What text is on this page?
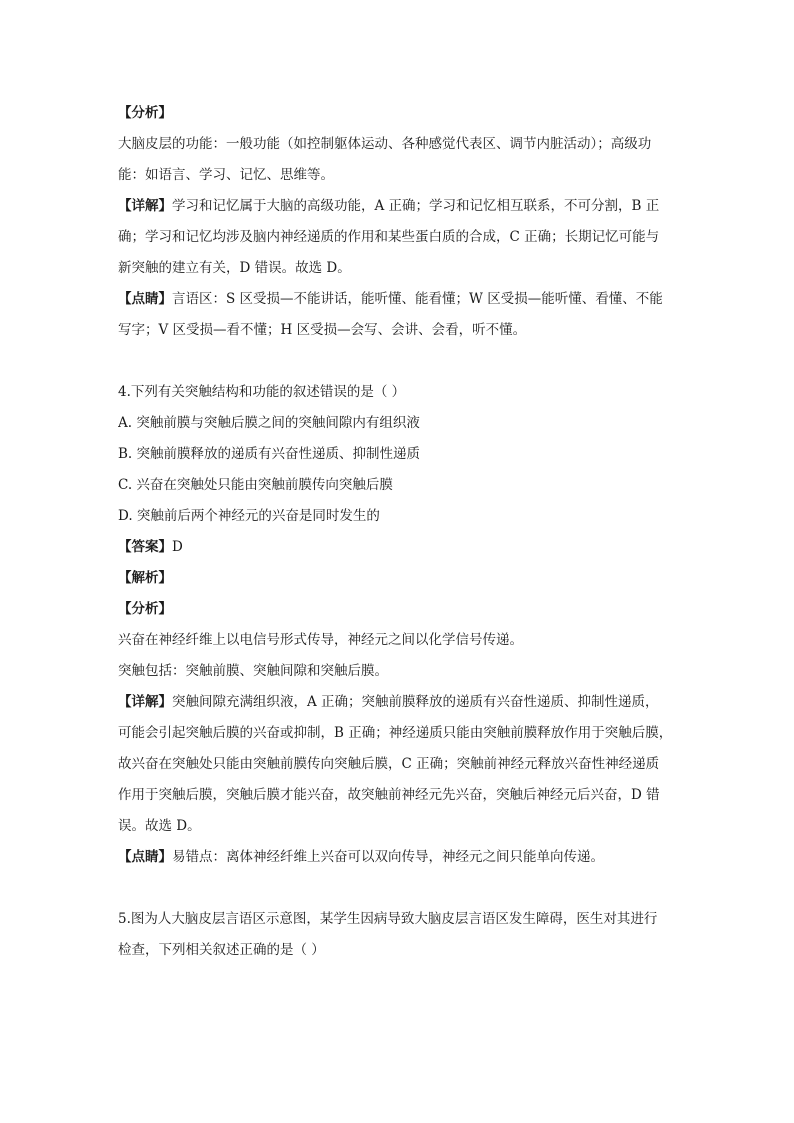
【分析】
大脑皮层的功能：一般功能（如控制躯体运动、各种感觉代表区、调节内脏活动）；高级功
能：如语言、学习、记忆、思维等。
【详解】学习和记忆属于大脑的高级功能，A 正确；学习和记忆相互联系，不可分割，B 正
确；学习和记忆均涉及脑内神经递质的作用和某些蛋白质的合成，C 正确；长期记忆可能与
新突触的建立有关，D 错误。故选 D。
【点睛】言语区：S 区受损—不能讲话，能听懂、能看懂；W 区受损—能听懂、看懂、不能
写字；V 区受损—看不懂；H 区受损—会写、会讲、会看，听不懂。
4.下列有关突触结构和功能的叙述错误的是（ ）
A. 突触前膜与突触后膜之间的突触间隙内有组织液
B. 突触前膜释放的递质有兴奋性递质、抑制性递质
C. 兴奋在突触处只能由突触前膜传向突触后膜
D. 突触前后两个神经元的兴奋是同时发生的
【答案】D
【解析】
【分析】
兴奋在神经纤维上以电信号形式传导，神经元之间以化学信号传递。
突触包括：突触前膜、突触间隙和突触后膜。
【详解】突触间隙充满组织液，A 正确；突触前膜释放的递质有兴奋性递质、抑制性递质，
可能会引起突触后膜的兴奋或抑制，B 正确；神经递质只能由突触前膜释放作用于突触后膜，
故兴奋在突触处只能由突触前膜传向突触后膜，C 正确；突触前神经元释放兴奋性神经递质
作用于突触后膜，突触后膜才能兴奋，故突触前神经元先兴奋，突触后神经元后兴奋，D 错
误。故选 D。
【点睛】易错点：离体神经纤维上兴奋可以双向传导，神经元之间只能单向传递。
5.图为人大脑皮层言语区示意图，某学生因病导致大脑皮层言语区发生障碍，医生对其进行
检查，下列相关叙述正确的是（ ）
